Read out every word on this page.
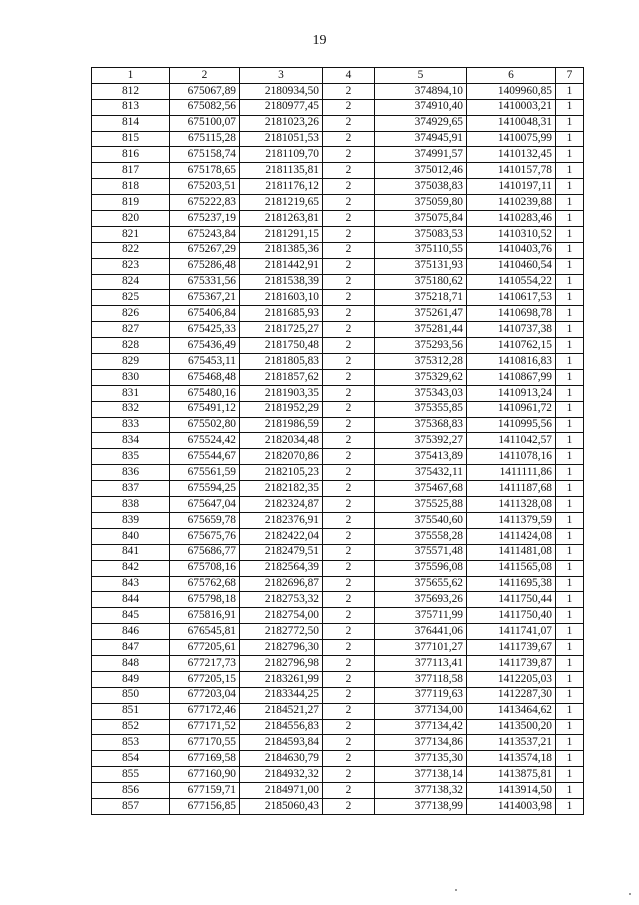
19
1	2	3	4	5	6	7
812	675067,89	2180934,50	2	374894,10	1409960,85	1
813	675082,56	2180977,45	2	374910,40	1410003,21	1
814	675100,07	2181023,26	2	374929,65	1410048,31	1
815	675115,28	2181051,53	2	374945,91	1410075,99	1
816	675158,74	2181109,70	2	374991,57	1410132,45	1
817	675178,65	2181135,81	2	375012,46	1410157,78	1
818	675203,51	2181176,12	2	375038,83	1410197,11	1
819	675222,83	2181219,65	2	375059,80	1410239,88	1
820	675237,19	2181263,81	2	375075,84	1410283,46	1
821	675243,84	2181291,15	2	375083,53	1410310,52	1
822	675267,29	2181385,36	2	375110,55	1410403,76	1
823	675286,48	2181442,91	2	375131,93	1410460,54	1
824	675331,56	2181538,39	2	375180,62	1410554,22	1
825	675367,21	2181603,10	2	375218,71	1410617,53	1
826	675406,84	2181685,93	2	375261,47	1410698,78	1
827	675425,33	2181725,27	2	375281,44	1410737,38	1
828	675436,49	2181750,48	2	375293,56	1410762,15	1
829	675453,11	2181805,83	2	375312,28	1410816,83	1
830	675468,48	2181857,62	2	375329,62	1410867,99	1
831	675480,16	2181903,35	2	375343,03	1410913,24	1
832	675491,12	2181952,29	2	375355,85	1410961,72	1
833	675502,80	2181986,59	2	375368,83	1410995,56	1
834	675524,42	2182034,48	2	375392,27	1411042,57	1
835	675544,67	2182070,86	2	375413,89	1411078,16	1
836	675561,59	2182105,23	2	375432,11	1411111,86	1
837	675594,25	2182182,35	2	375467,68	1411187,68	1
838	675647,04	2182324,87	2	375525,88	1411328,08	1
839	675659,78	2182376,91	2	375540,60	1411379,59	1
840	675675,76	2182422,04	2	375558,28	1411424,08	1
841	675686,77	2182479,51	2	375571,48	1411481,08	1
842	675708,16	2182564,39	2	375596,08	1411565,08	1
843	675762,68	2182696,87	2	375655,62	1411695,38	1
844	675798,18	2182753,32	2	375693,26	1411750,44	1
845	675816,91	2182754,00	2	375711,99	1411750,40	1
846	676545,81	2182772,50	2	376441,06	1411741,07	1
847	677205,61	2182796,30	2	377101,27	1411739,67	1
848	677217,73	2182796,98	2	377113,41	1411739,87	1
849	677205,15	2183261,99	2	377118,58	1412205,03	1
850	677203,04	2183344,25	2	377119,63	1412287,30	1
851	677172,46	2184521,27	2	377134,00	1413464,62	1
852	677171,52	2184556,83	2	377134,42	1413500,20	1
853	677170,55	2184593,84	2	377134,86	1413537,21	1
854	677169,58	2184630,79	2	377135,30	1413574,18	1
855	677160,90	2184932,32	2	377138,14	1413875,81	1
856	677159,71	2184971,00	2	377138,32	1413914,50	1
857	677156,85	2185060,43	2	377138,99	1414003,98	1
